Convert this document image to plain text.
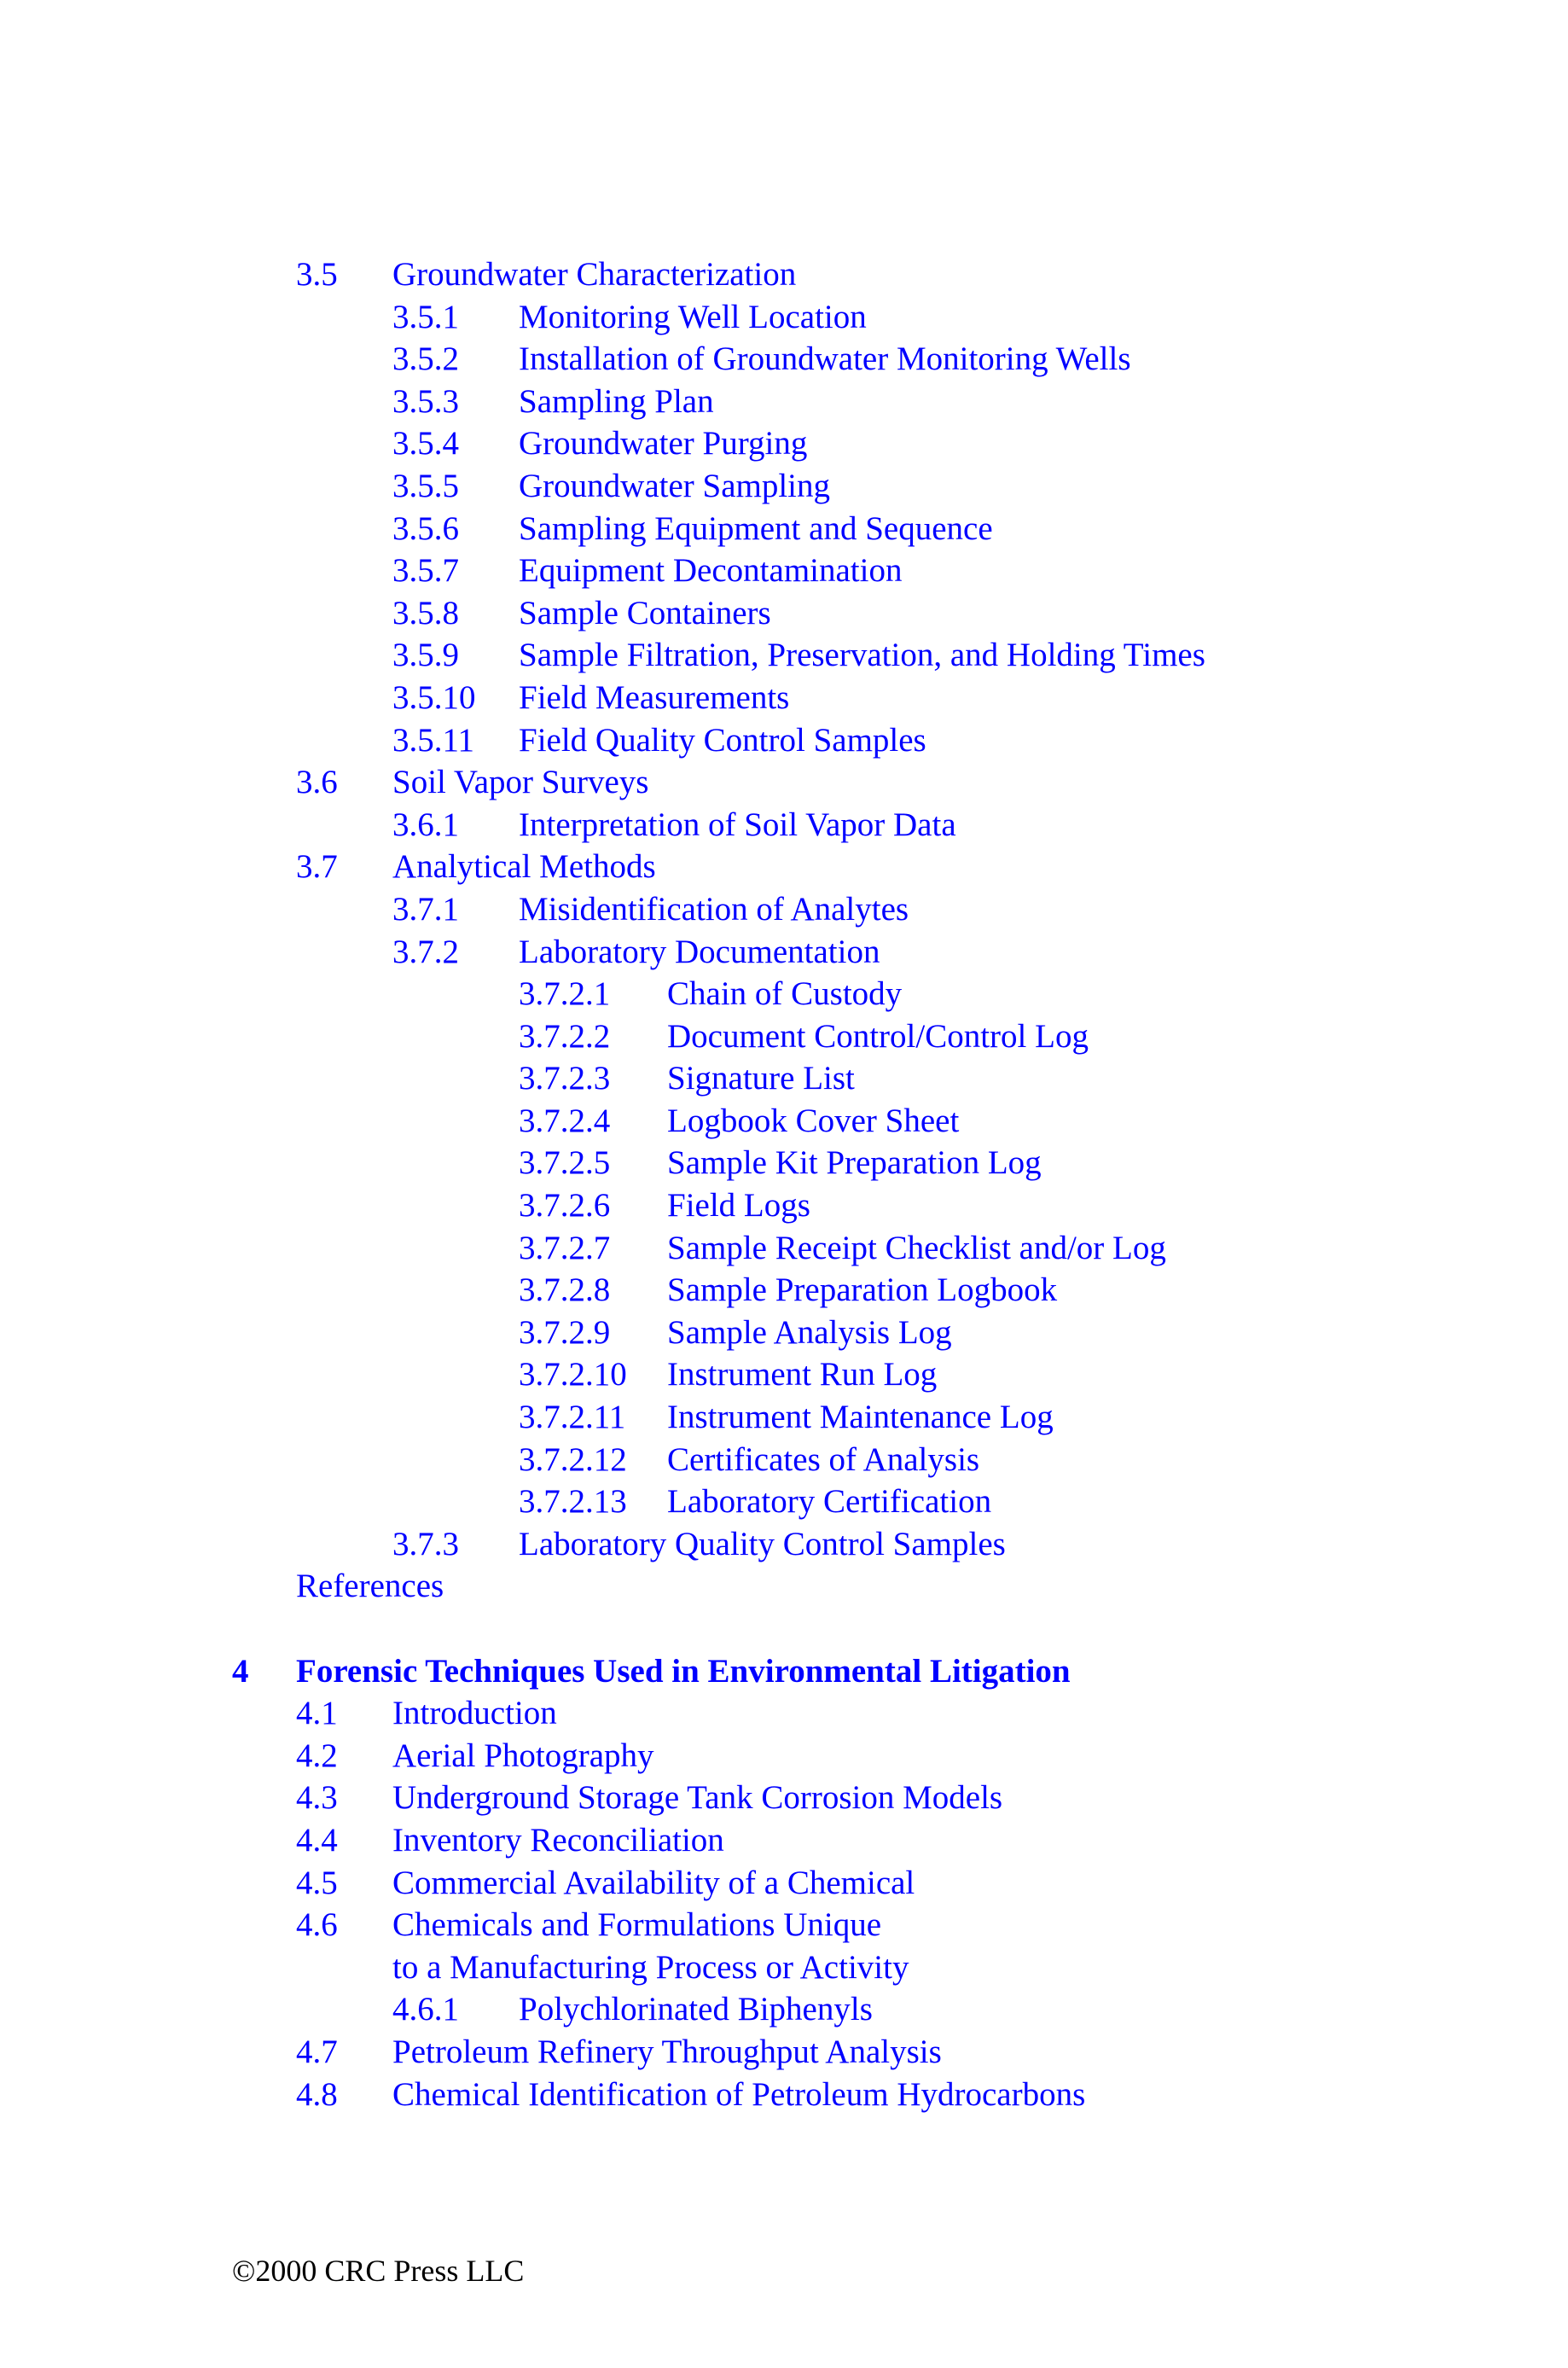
3.5 Groundwater Characterization
3.5.1 Monitoring Well Location
3.5.2 Installation of Groundwater Monitoring Wells
3.5.3 Sampling Plan
3.5.4 Groundwater Purging
3.5.5 Groundwater Sampling
3.5.6 Sampling Equipment and Sequence
3.5.7 Equipment Decontamination
3.5.8 Sample Containers
3.5.9 Sample Filtration, Preservation, and Holding Times
3.5.10 Field Measurements
3.5.11 Field Quality Control Samples
3.6 Soil Vapor Surveys
3.6.1 Interpretation of Soil Vapor Data
3.7 Analytical Methods
3.7.1 Misidentification of Analytes
3.7.2 Laboratory Documentation
3.7.2.1 Chain of Custody
3.7.2.2 Document Control/Control Log
3.7.2.3 Signature List
3.7.2.4 Logbook Cover Sheet
3.7.2.5 Sample Kit Preparation Log
3.7.2.6 Field Logs
3.7.2.7 Sample Receipt Checklist and/or Log
3.7.2.8 Sample Preparation Logbook
3.7.2.9 Sample Analysis Log
3.7.2.10 Instrument Run Log
3.7.2.11 Instrument Maintenance Log
3.7.2.12 Certificates of Analysis
3.7.2.13 Laboratory Certification
3.7.3 Laboratory Quality Control Samples
References
4 Forensic Techniques Used in Environmental Litigation
4.1 Introduction
4.2 Aerial Photography
4.3 Underground Storage Tank Corrosion Models
4.4 Inventory Reconciliation
4.5 Commercial Availability of a Chemical
4.6 Chemicals and Formulations Unique
to a Manufacturing Process or Activity
4.6.1 Polychlorinated Biphenyls
4.7 Petroleum Refinery Throughput Analysis
4.8 Chemical Identification of Petroleum Hydrocarbons
©2000 CRC Press LLC
